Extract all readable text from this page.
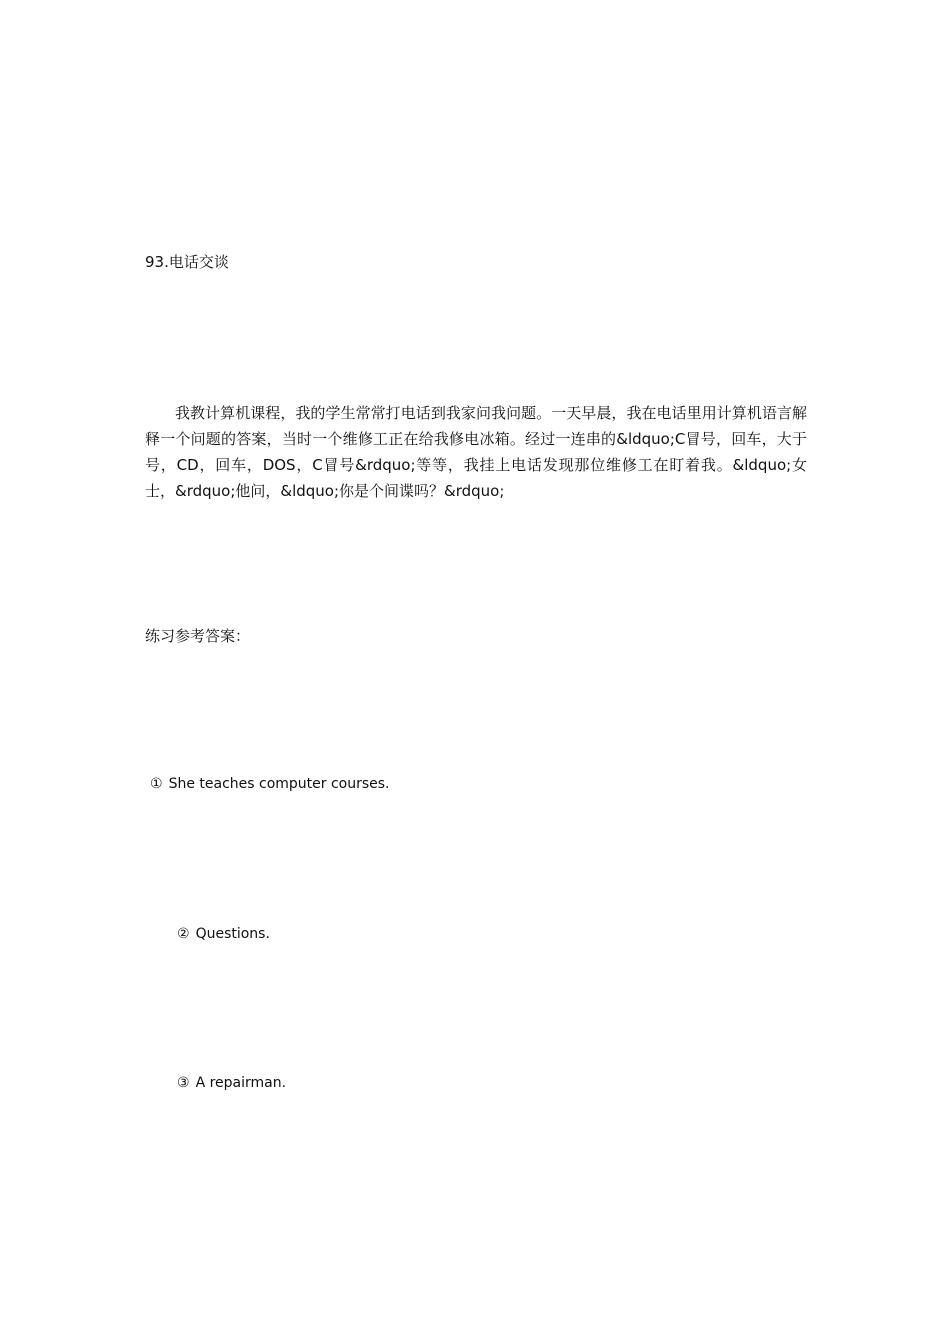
93.电话交谈

我教计算机课程，我的学生常常打电话到我家问我问题。一天早晨，我在电话里用计算机语言解释一个问题的答案，当时一个维修工正在给我修电冰箱。经过一连串的&ldquo;C冒号，回车，大于号，CD，回车，DOS，C冒号&rdquo;等等，我挂上电话发现那位维修工在盯着我。&ldquo;女士，&rdquo;他问，&ldquo;你是个间谍吗？&rdquo;

练习参考答案：
① She teaches computer courses.
② Questions.
③ A repairman.
